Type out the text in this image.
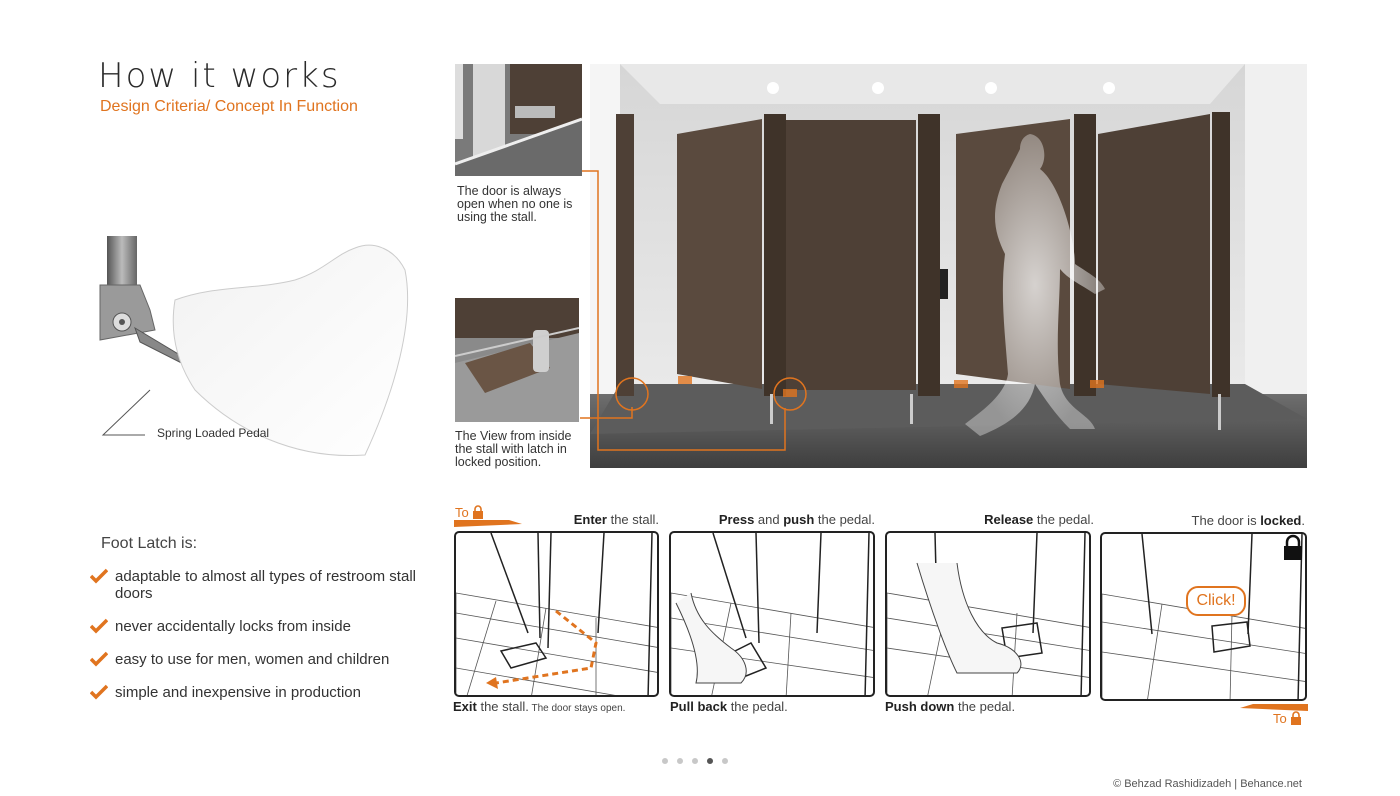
How it works
Design Criteria/ Concept In Function
Spring Loaded Pedal
The door is always open when no one is using the stall.
The View from inside the stall with latch in locked position.
Foot Latch is:
adaptable to almost all types of restroom stall doors
never accidentally locks from inside
easy to use for men, women and children
simple and inexpensive in production
To	Enter the stall.
Exit the stall. The door stays open.
Press and push the pedal.
Pull back the pedal.
Release the pedal.
Push down the pedal.
The door is locked.
Click!
To
© Behzad Rashidizadeh | Behance.net
